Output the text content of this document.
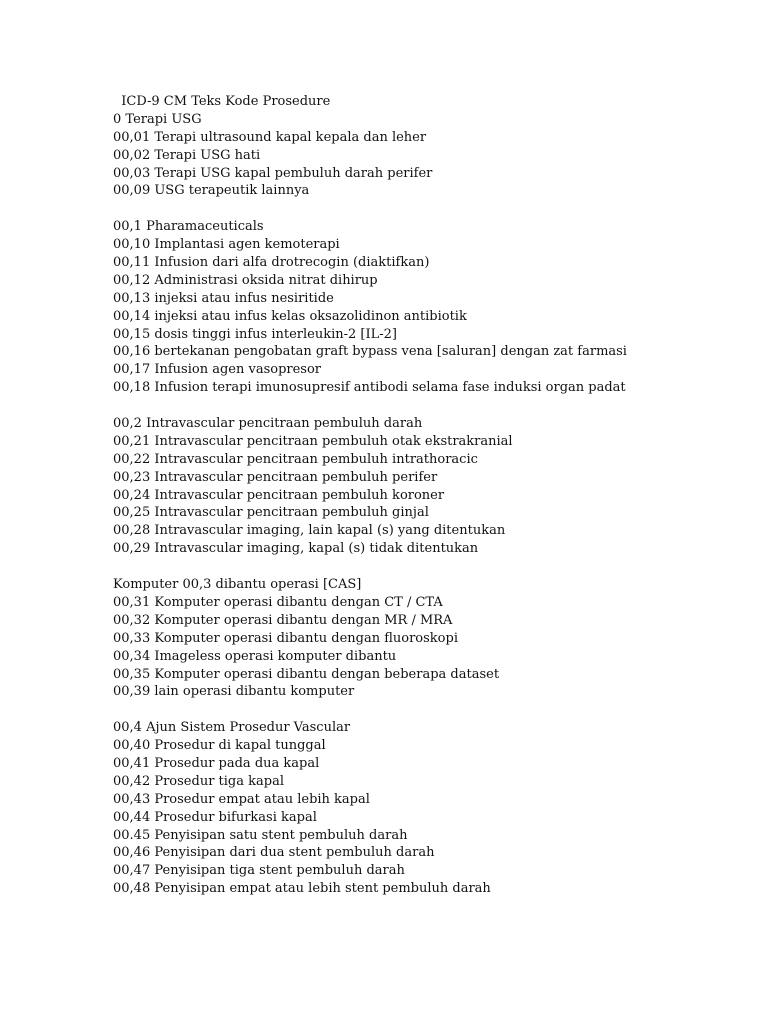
ICD-9 CM Teks Kode Prosedure
0 Terapi USG
00,01 Terapi ultrasound kapal kepala dan leher
00,02 Terapi USG hati
00,03 Terapi USG kapal pembuluh darah perifer
00,09 USG terapeutik lainnya
00,1 Pharamaceuticals
00,10 Implantasi agen kemoterapi
00,11 Infusion dari alfa drotrecogin (diaktifkan)
00,12 Administrasi oksida nitrat dihirup
00,13 injeksi atau infus nesiritide
00,14 injeksi atau infus kelas oksazolidinon antibiotik
00,15 dosis tinggi infus interleukin-2 [IL-2]
00,16 bertekanan pengobatan graft bypass vena [saluran] dengan zat farmasi
00,17 Infusion agen vasopresor
00,18 Infusion terapi imunosupresif antibodi selama fase induksi organ padat
00,2 Intravascular pencitraan pembuluh darah
00,21 Intravascular pencitraan pembuluh otak ekstrakranial
00,22 Intravascular pencitraan pembuluh intrathoracic
00,23 Intravascular pencitraan pembuluh perifer
00,24 Intravascular pencitraan pembuluh koroner
00,25 Intravascular pencitraan pembuluh ginjal
00,28 Intravascular imaging, lain kapal (s) yang ditentukan
00,29 Intravascular imaging, kapal (s) tidak ditentukan
Komputer 00,3 dibantu operasi [CAS]
00,31 Komputer operasi dibantu dengan CT / CTA
00,32 Komputer operasi dibantu dengan MR / MRA
00,33 Komputer operasi dibantu dengan fluoroskopi
00,34 Imageless operasi komputer dibantu
00,35 Komputer operasi dibantu dengan beberapa dataset
00,39 lain operasi dibantu komputer
00,4 Ajun Sistem Prosedur Vascular
00,40 Prosedur di kapal tunggal
00,41 Prosedur pada dua kapal
00,42 Prosedur tiga kapal
00,43 Prosedur empat atau lebih kapal
00,44 Prosedur bifurkasi kapal
00.45 Penyisipan satu stent pembuluh darah
00,46 Penyisipan dari dua stent pembuluh darah
00,47 Penyisipan tiga stent pembuluh darah
00,48 Penyisipan empat atau lebih stent pembuluh darah
